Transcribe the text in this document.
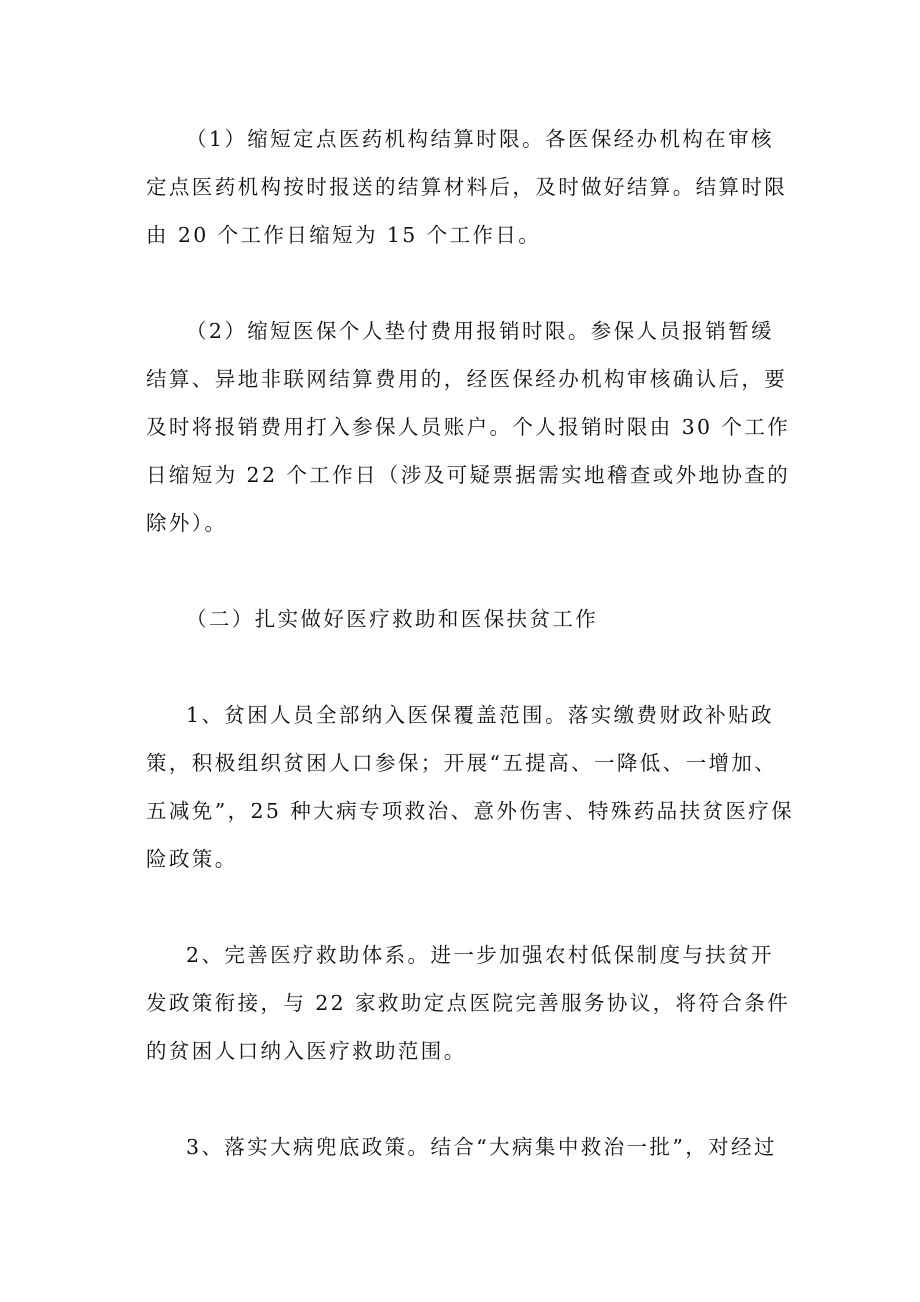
（1）缩短定点医药机构结算时限。各医保经办机构在审核
定点医药机构按时报送的结算材料后，及时做好结算。结算时限
由 20 个工作日缩短为 15 个工作日。

（2）缩短医保个人垫付费用报销时限。参保人员报销暂缓
结算、异地非联网结算费用的，经医保经办机构审核确认后，要
及时将报销费用打入参保人员账户。个人报销时限由 30 个工作
日缩短为 22 个工作日（涉及可疑票据需实地稽查或外地协查的
除外）。

（二）扎实做好医疗救助和医保扶贫工作

1、贫困人员全部纳入医保覆盖范围。落实缴费财政补贴政
策，积极组织贫困人口参保；开展“五提高、一降低、一增加、
五减免”，25 种大病专项救治、意外伤害、特殊药品扶贫医疗保
险政策。

2、完善医疗救助体系。进一步加强农村低保制度与扶贫开
发政策衔接，与 22 家救助定点医院完善服务协议，将符合条件
的贫困人口纳入医疗救助范围。

3、落实大病兜底政策。结合“大病集中救治一批”，对经过
